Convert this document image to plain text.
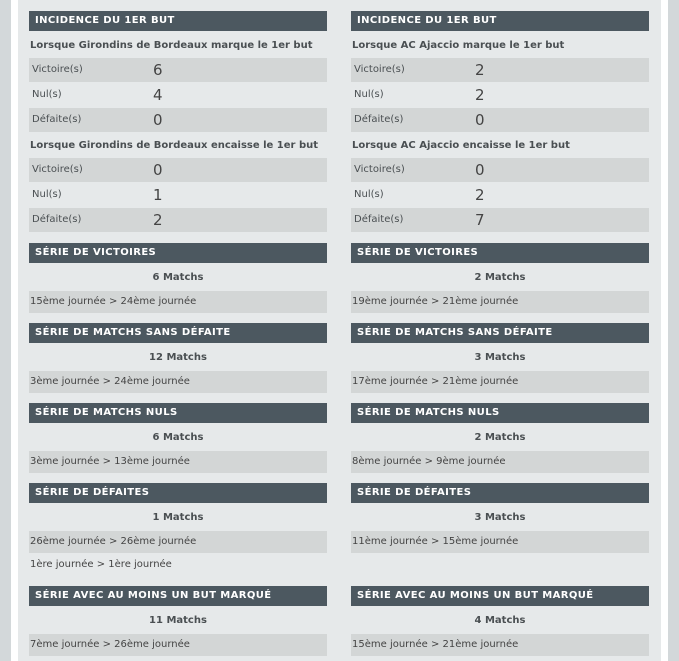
INCIDENCE DU 1ER BUT
Lorsque Girondins de Bordeaux marque le 1er but
Victoire(s)	6
Nul(s)	4
Défaite(s)	0
Lorsque Girondins de Bordeaux encaisse le 1er but
Victoire(s)	0
Nul(s)	1
Défaite(s)	2
SÉRIE DE VICTOIRES
6 Matchs
15ème journée > 24ème journée
SÉRIE DE MATCHS SANS DÉFAITE
12 Matchs
3ème journée > 24ème journée
SÉRIE DE MATCHS NULS
6 Matchs
3ème journée > 13ème journée
SÉRIE DE DÉFAITES
1 Matchs
26ème journée > 26ème journée
1ère journée > 1ère journée
SÉRIE AVEC AU MOINS UN BUT MARQUÉ
11 Matchs
7ème journée > 26ème journée
INCIDENCE DU 1ER BUT
Lorsque AC Ajaccio marque le 1er but
Victoire(s)	2
Nul(s)	2
Défaite(s)	0
Lorsque AC Ajaccio encaisse le 1er but
Victoire(s)	0
Nul(s)	2
Défaite(s)	7
SÉRIE DE VICTOIRES
2 Matchs
19ème journée > 21ème journée
SÉRIE DE MATCHS SANS DÉFAITE
3 Matchs
17ème journée > 21ème journée
SÉRIE DE MATCHS NULS
2 Matchs
8ème journée > 9ème journée
SÉRIE DE DÉFAITES
3 Matchs
11ème journée > 15ème journée
SÉRIE AVEC AU MOINS UN BUT MARQUÉ
4 Matchs
15ème journée > 21ème journée
